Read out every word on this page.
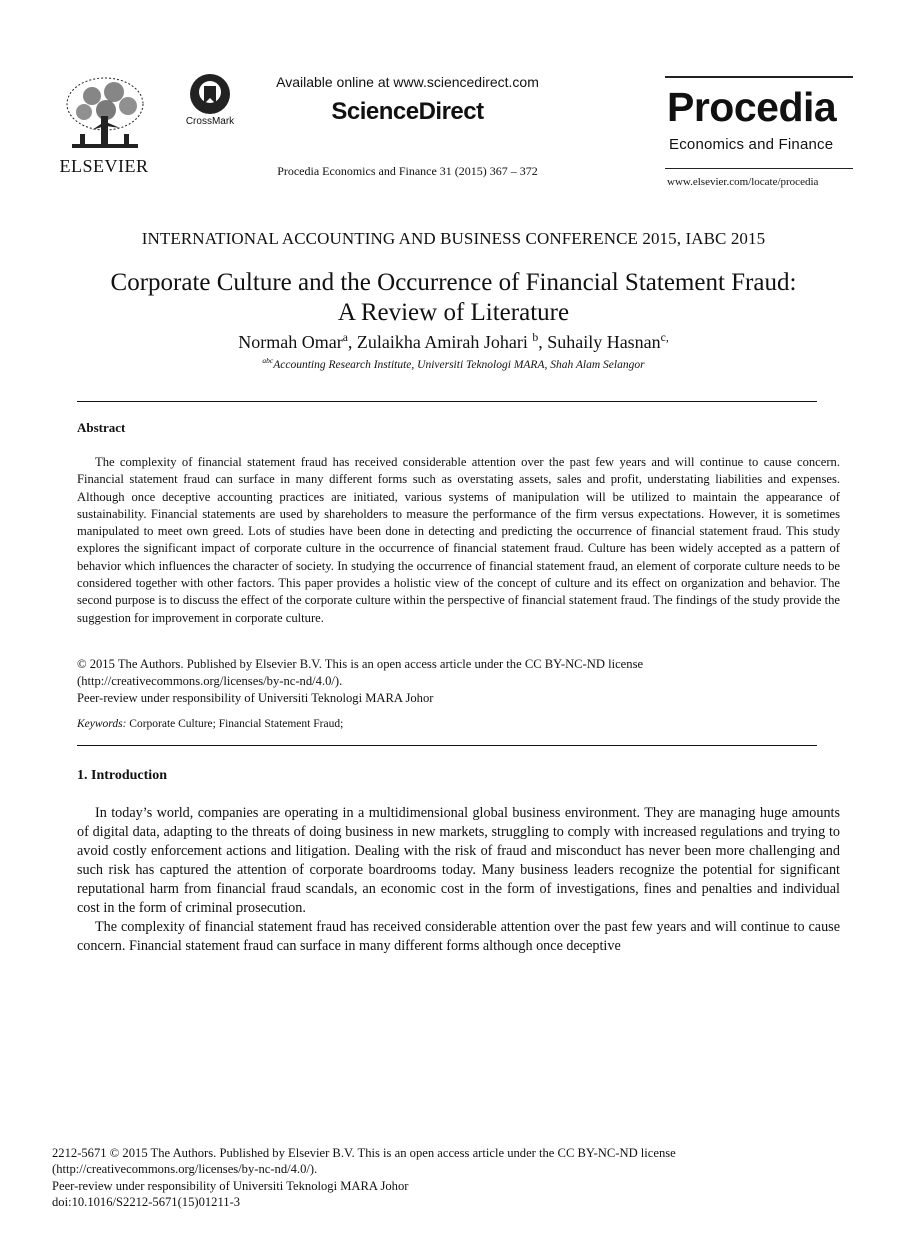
ELSEVIER
CrossMark
Available online at www.sciencedirect.com
ScienceDirect
Procedia Economics and Finance 31 (2015) 367 – 372
Procedia
Economics and Finance
www.elsevier.com/locate/procedia
INTERNATIONAL ACCOUNTING AND BUSINESS CONFERENCE 2015, IABC 2015
Corporate Culture and the Occurrence of Financial Statement Fraud:
A Review of Literature
Normah Omar$^a$, Zulaikha Amirah Johari $^b$, Suhaily Hasnan$^{c,}$
$^{abc}$Accounting Research Institute, Universiti Teknologi MARA, Shah Alam Selangor
Abstract

The complexity of financial statement fraud has received considerable attention over the past few years and will continue to cause concern. Financial statement fraud can surface in many different forms such as overstating assets, sales and profit, understating liabilities and expenses. Although once deceptive accounting practices are initiated, various systems of manipulation will be utilized to maintain the appearance of sustainability. Financial statements are used by shareholders to measure the performance of the firm versus expectations. However, it is sometimes manipulated to meet own greed. Lots of studies have been done in detecting and predicting the occurrence of financial statement fraud. This study explores the significant impact of corporate culture in the occurrence of financial statement fraud. Culture has been widely accepted as a pattern of behavior which influences the character of society. In studying the occurrence of financial statement fraud, an element of corporate culture needs to be considered together with other factors. This paper provides a holistic view of the concept of culture and its effect on organization and behavior. The second purpose is to discuss the effect of the corporate culture within the perspective of financial statement fraud. The findings of the study provide the suggestion for improvement in corporate culture.

© 2015 The Authors. Published by Elsevier B.V. This is an open access article under the CC BY-NC-ND license
(http://creativecommons.org/licenses/by-nc-nd/4.0/).
Peer-review under responsibility of Universiti Teknologi MARA Johor
Keywords: Corporate Culture; Financial Statement Fraud;
1. Introduction

In today’s world, companies are operating in a multidimensional global business environment. They are managing huge amounts of digital data, adapting to the threats of doing business in new markets, struggling to comply with increased regulations and trying to avoid costly enforcement actions and litigation. Dealing with the risk of fraud and misconduct has never been more challenging and such risk has captured the attention of corporate boardrooms today. Many business leaders recognize the potential for significant reputational harm from financial fraud scandals, an economic cost in the form of investigations, fines and penalties and individual cost in the form of criminal prosecution.

The complexity of financial statement fraud has received considerable attention over the past few years and will continue to cause concern. Financial statement fraud can surface in many different forms although once deceptive

2212-5671 © 2015 The Authors. Published by Elsevier B.V. This is an open access article under the CC BY-NC-ND license
(http://creativecommons.org/licenses/by-nc-nd/4.0/).
Peer-review under responsibility of Universiti Teknologi MARA Johor
doi:10.1016/S2212-5671(15)01211-3
